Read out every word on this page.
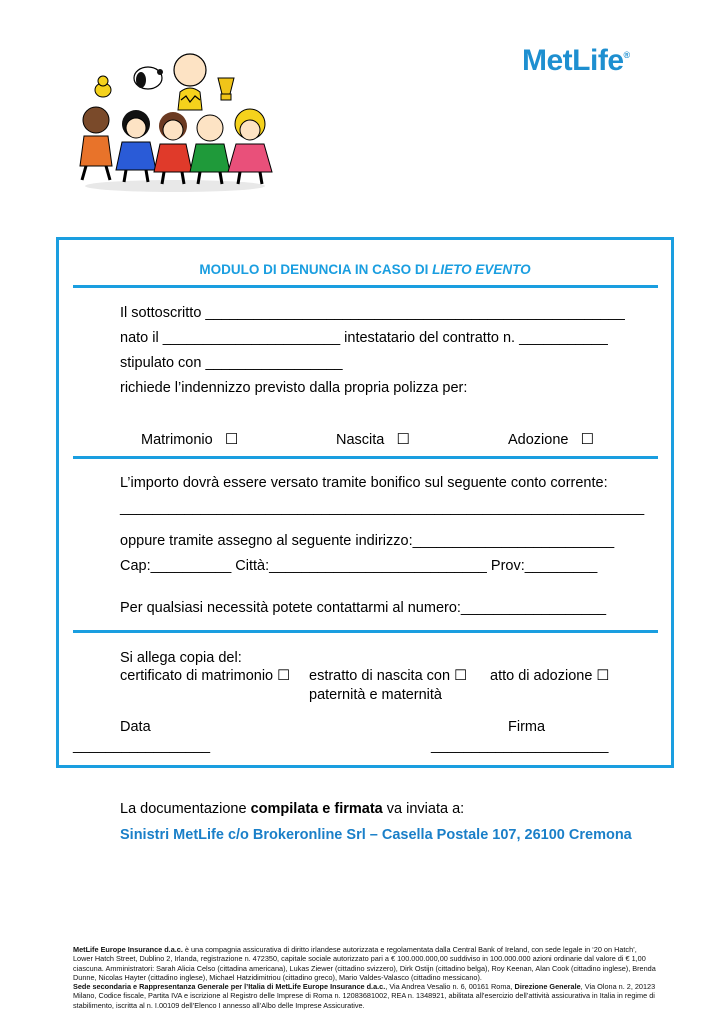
MetLife®
MODULO DI DENUNCIA IN CASO DI LIETO EVENTO
Il sottoscritto ____________________________________________________
nato il ______________________ intestatario del contratto n. ___________
stipulato con _________________
richiede l’indennizzo previsto dalla propria polizza per:
Matrimonio ☐	Nascita ☐	Adozione ☐
L’importo dovrà essere versato tramite bonifico sul seguente conto corrente:
_________________________________________________________________
oppure tramite assegno al seguente indirizzo:_________________________
Cap:__________ Città:___________________________ Prov:_________
Per qualsiasi necessità potete contattarmi al numero:__________________
Si allega copia del:
certificato di matrimonio ☐ estratto di nascita con ☐
paternità e maternità
atto di adozione ☐
Data
_________________
Firma
______________________
La documentazione compilata e firmata va inviata a:
Sinistri MetLife c/o Brokeronline Srl – Casella Postale 107, 26100 Cremona
MetLife Europe Insurance d.a.c. è una compagnia assicurativa di diritto irlandese autorizzata e regolamentata dalla Central Bank of Ireland, con sede legale in ‘20 on Hatch’, Lower Hatch Street, Dublino 2, Irlanda, registrazione n. 472350, capitale sociale autorizzato pari a € 100.000.000,00 suddiviso in 100.000.000 azioni ordinarie dal valore di € 1,00 ciascuna. Amministratori: Sarah Alicia Celso (cittadina americana), Lukas Ziewer (cittadino svizzero), Dirk Ostijn (cittadino belga), Roy Keenan, Alan Cook (cittadino inglese), Brenda Dunne, Nicolas Hayter (cittadino inglese), Michael Hatzidimitriou (cittadino greco), Mario Valdes-Valasco (cittadino messicano).
Sede secondaria e Rappresentanza Generale per l’Italia di MetLife Europe Insurance d.a.c., Via Andrea Vesalio n. 6, 00161 Roma, Direzione Generale, Via Olona n. 2, 20123 Milano, Codice fiscale, Partita IVA e iscrizione al Registro delle Imprese di Roma n. 12083681002, REA n. 1348921, abilitata all’esercizio dell’attività assicurativa in Italia in regime di stabilimento, iscritta al n. I.00109 dell’Elenco I annesso all’Albo delle Imprese Assicurative.
